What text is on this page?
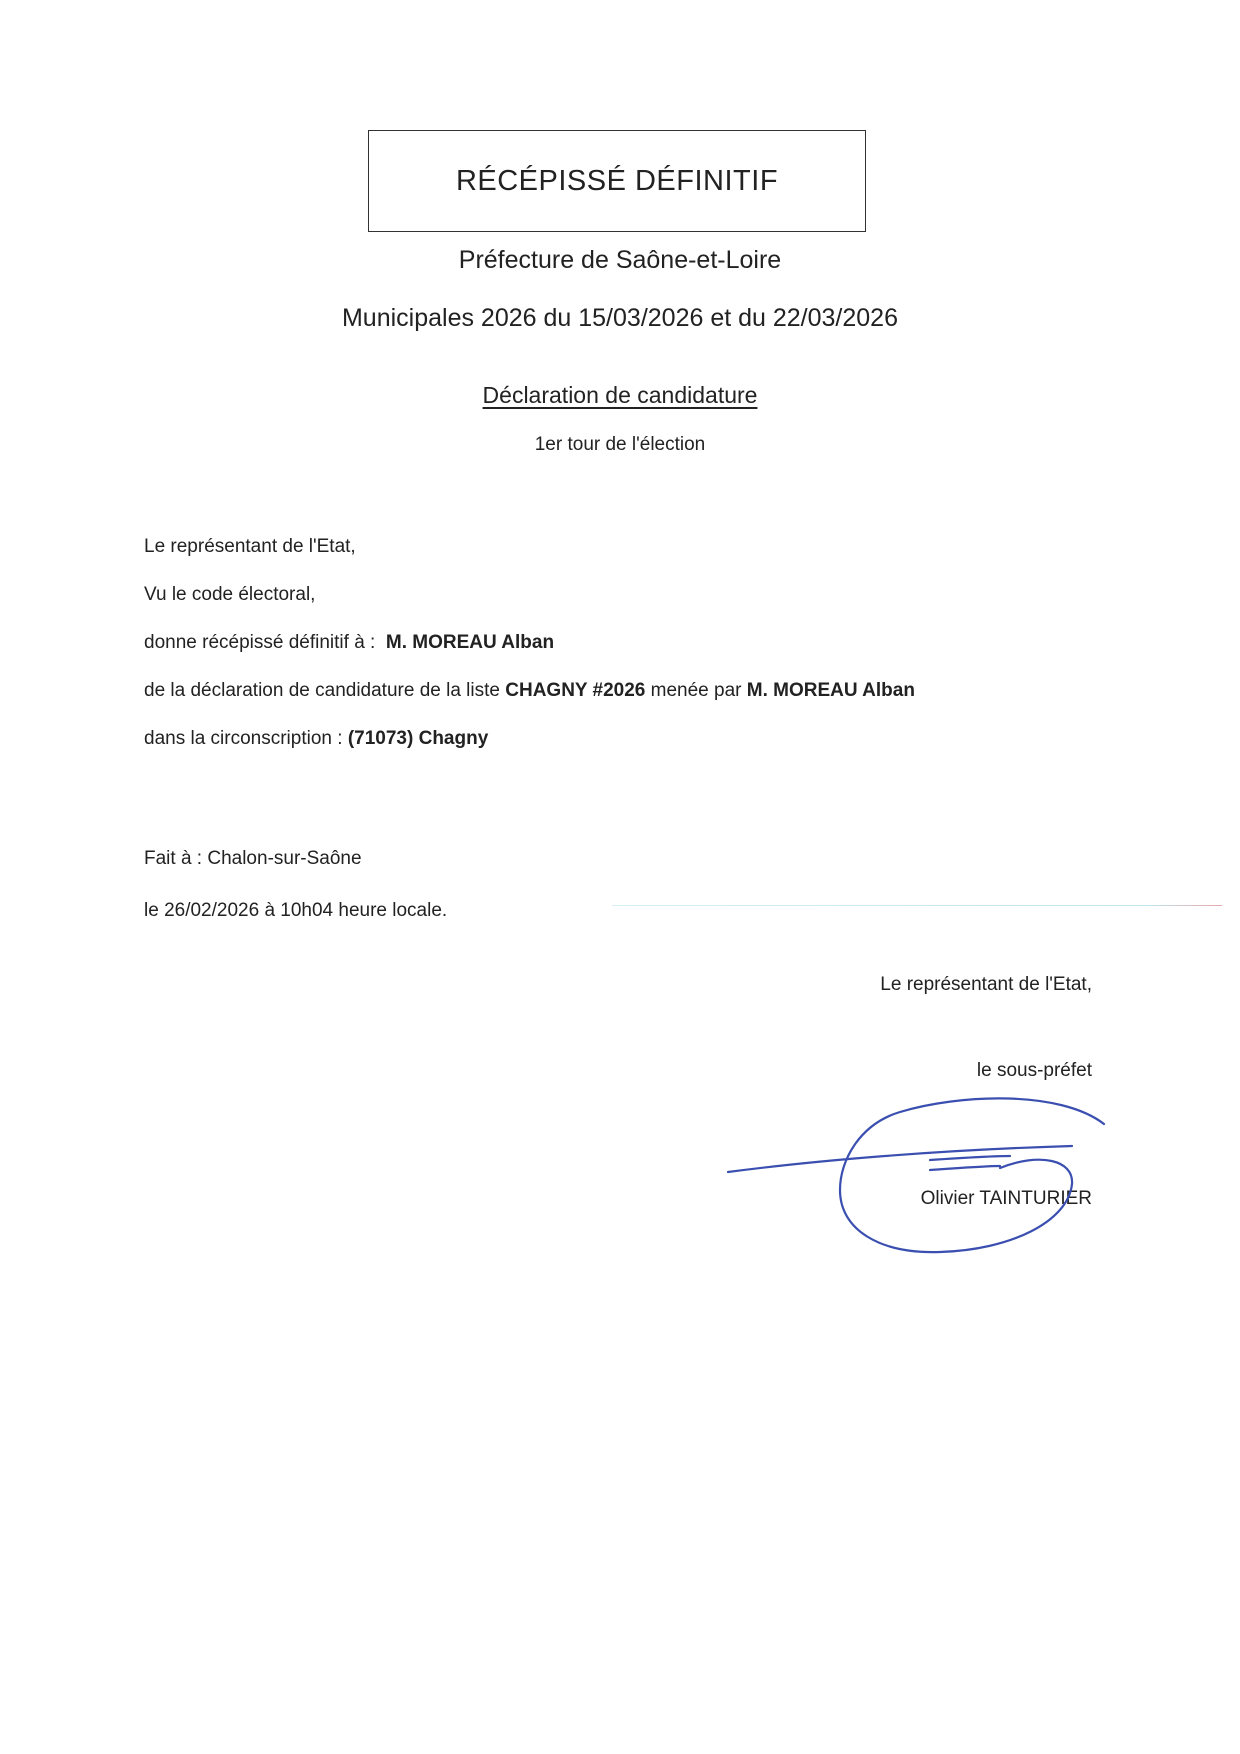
RÉCÉPISSÉ DÉFINITIF
Préfecture de Saône-et-Loire
Municipales 2026 du 15/03/2026 et du 22/03/2026
Déclaration de candidature
1er tour de l'élection
Le représentant de l'Etat,
Vu le code électoral,
donne récépissé définitif à : M. MOREAU Alban
de la déclaration de candidature de la liste CHAGNY #2026 menée par M. MOREAU Alban
dans la circonscription : (71073) Chagny
Fait à : Chalon-sur-Saône
le 26/02/2026 à 10h04 heure locale.
Le représentant de l'Etat,
le sous-préfet
Olivier TAINTURIER
